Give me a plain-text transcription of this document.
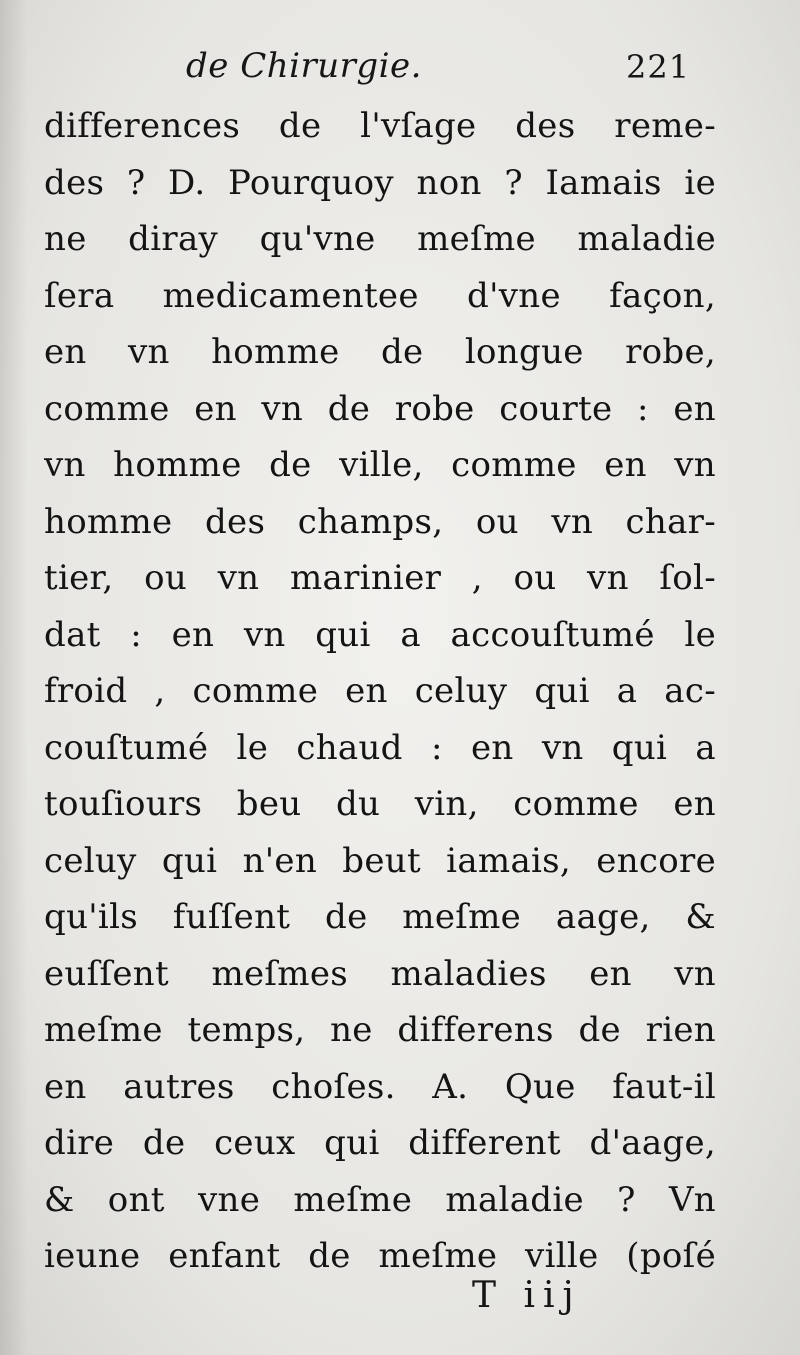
de Chirurgie.	221
differences de l'vſage des reme-
des ? D. Pourquoy non ? Iamais ie
ne diray qu'vne meſme maladie
ſera medicamentee d'vne façon,
en vn homme de longue robe,
comme en vn de robe courte : en
vn homme de ville, comme en vn
homme des champs, ou vn char-
tier, ou vn marinier , ou vn ſol-
dat : en vn qui a accouſtumé le
froid , comme en celuy qui a ac-
couſtumé le chaud : en vn qui a
touſiours beu du vin, comme en
celuy qui n'en beut iamais, encore
qu'ils fuſſent de meſme aage, &
euſſent meſmes maladies en vn
meſme temps, ne differens de rien
en autres choſes. A. Que faut-il
dire de ceux qui different d'aage,
& ont vne meſme maladie ? Vn
ieune enfant de meſme ville (poſé
T iij
